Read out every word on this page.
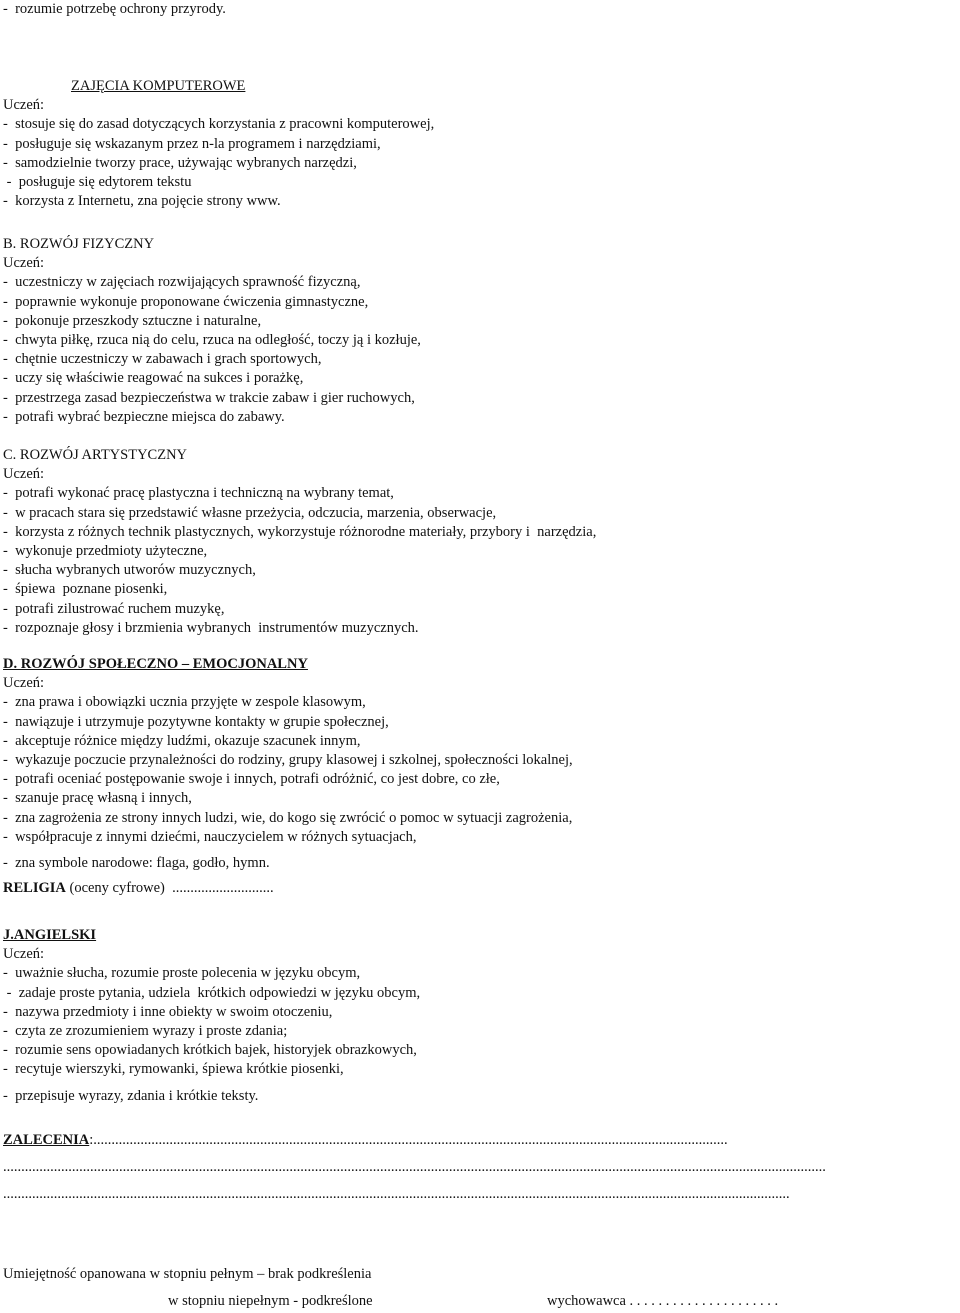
-  rozumie potrzebę ochrony przyrody.
ZAJĘCIA KOMPUTEROWE
Uczeń:
-  stosuje się do zasad dotyczących korzystania z pracowni komputerowej,
-  posługuje się wskazanym przez n-la programem i narzędziami,
-  samodzielnie tworzy prace, używając wybranych narzędzi,
-  posługuje się edytorem tekstu
-  korzysta z Internetu, zna pojęcie strony www.
B. ROZWÓJ FIZYCZNY
Uczeń:
-  uczestniczy w zajęciach rozwijających sprawność fizyczną,
-  poprawnie wykonuje proponowane ćwiczenia gimnastyczne,
-  pokonuje przeszkody sztuczne i naturalne,
-  chwyta piłkę, rzuca nią do celu, rzuca na odległość, toczy ją i kozłuje,
-  chętnie uczestniczy w zabawach i grach sportowych,
-  uczy się właściwie reagować na sukces i porażkę,
-  przestrzega zasad bezpieczeństwa w trakcie zabaw i gier ruchowych,
-  potrafi wybrać bezpieczne miejsca do zabawy.
C. ROZWÓJ ARTYSTYCZNY
Uczeń:
-  potrafi wykonać pracę plastyczna i techniczną na wybrany temat,
-  w pracach stara się przedstawić własne przeżycia, odczucia, marzenia, obserwacje,
-  korzysta z różnych technik plastycznych, wykorzystuje różnorodne materiały, przybory i  narzędzia,
-  wykonuje przedmioty użyteczne,
-  słucha wybranych utworów muzycznych,
-  śpiewa  poznane piosenki,
-  potrafi zilustrować ruchem muzykę,
-  rozpoznaje głosy i brzmienia wybranych  instrumentów muzycznych.
D. ROZWÓJ SPOŁECZNO – EMOCJONALNY
Uczeń:
-  zna prawa i obowiązki ucznia przyjęte w zespole klasowym,
-  nawiązuje i utrzymuje pozytywne kontakty w grupie społecznej,
-  akceptuje różnice między ludźmi, okazuje szacunek innym,
-  wykazuje poczucie przynależności do rodziny, grupy klasowej i szkolnej, społeczności lokalnej,
-  potrafi oceniać postępowanie swoje i innych, potrafi odróżnić, co jest dobre, co złe,
-  szanuje pracę własną i innych,
-  zna zagrożenia ze strony innych ludzi, wie, do kogo się zwrócić o pomoc w sytuacji zagrożenia,
-  współpracuje z innymi dziećmi, nauczycielem w różnych sytuacjach,
-  zna symbole narodowe: flaga, godło, hymn.
RELIGIA (oceny cyfrowe)  ............................
J.ANGIELSKI
Uczeń:
-  uważnie słucha, rozumie proste polecenia w języku obcym,
-  zadaje proste pytania, udziela  krótkich odpowiedzi w języku obcym,
-  nazywa przedmioty i inne obiekty w swoim otoczeniu,
-  czyta ze zrozumieniem wyrazy i proste zdania;
-  rozumie sens opowiadanych krótkich bajek, historyjek obrazkowych,
-  recytuje wierszyki, rymowanki, śpiewa krótkie piosenki,
-  przepisuje wyrazy, zdania i krótkie teksty.
ZALECENIA:...............................................................................................................................................................................
...................................................................................................................................................................................................................................
.........................................................................................................................................................................................................................
Umiejętność opanowana w stopniu pełnym – brak podkreślenia
w stopniu niepełnym - podkreślone	wychowawca . . . . . . . . . . . . . . . . . . . . .
